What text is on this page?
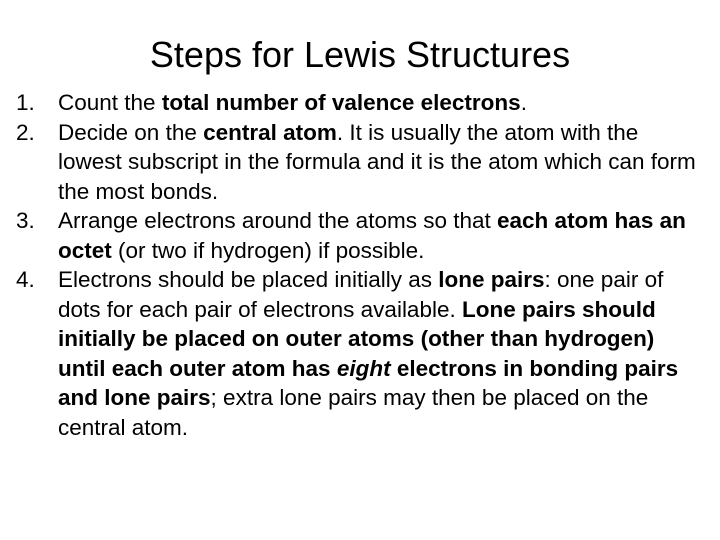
Steps for Lewis Structures
1. Count the total number of valence electrons.
2. Decide on the central atom. It is usually the atom with the lowest subscript in the formula and it is the atom which can form the most bonds.
3. Arrange electrons around the atoms so that each atom has an octet (or two if hydrogen) if possible.
4. Electrons should be placed initially as lone pairs: one pair of dots for each pair of electrons available. Lone pairs should initially be placed on outer atoms (other than hydrogen) until each outer atom has eight electrons in bonding pairs and lone pairs; extra lone pairs may then be placed on the central atom.
